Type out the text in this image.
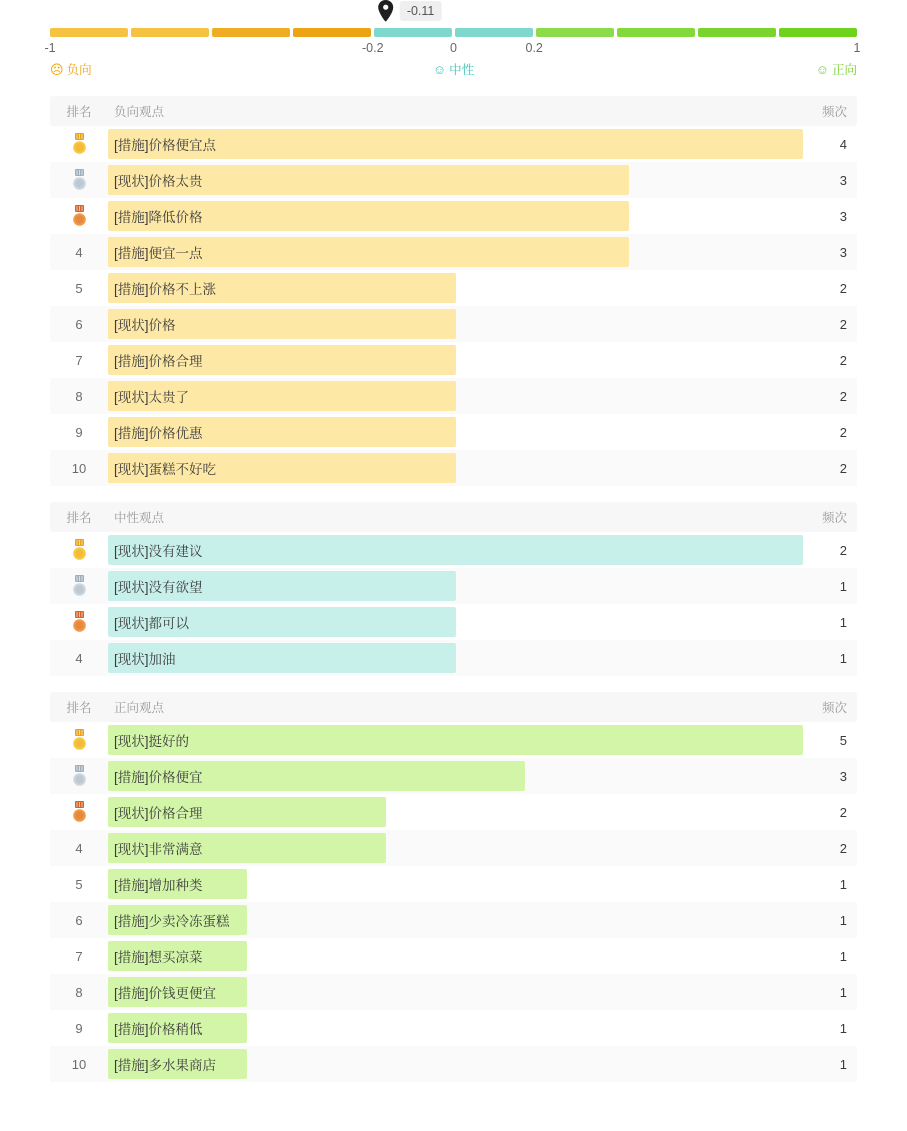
-0.11
-1	-0.2	0	0.2	1
☹ 负向	☺ 中性	☺ 正向
排名	负向观点	频次
[措施]价格便宜点	4
[现状]价格太贵	3
[措施]降低价格	3
4	[措施]便宜一点	3
5	[措施]价格不上涨	2
6	[现状]价格	2
7	[措施]价格合理	2
8	[现状]太贵了	2
9	[措施]价格优惠	2
10	[现状]蛋糕不好吃	2
排名	中性观点	频次
[现状]没有建议	2
[现状]没有欲望	1
[现状]都可以	1
4	[现状]加油	1
排名	正向观点	频次
[现状]挺好的	5
[措施]价格便宜	3
[现状]价格合理	2
4	[现状]非常满意	2
5	[措施]增加种类	1
6	[措施]少卖冷冻蛋糕	1
7	[措施]想买凉菜	1
8	[措施]价钱更便宜	1
9	[措施]价格稍低	1
10	[措施]多水果商店	1
